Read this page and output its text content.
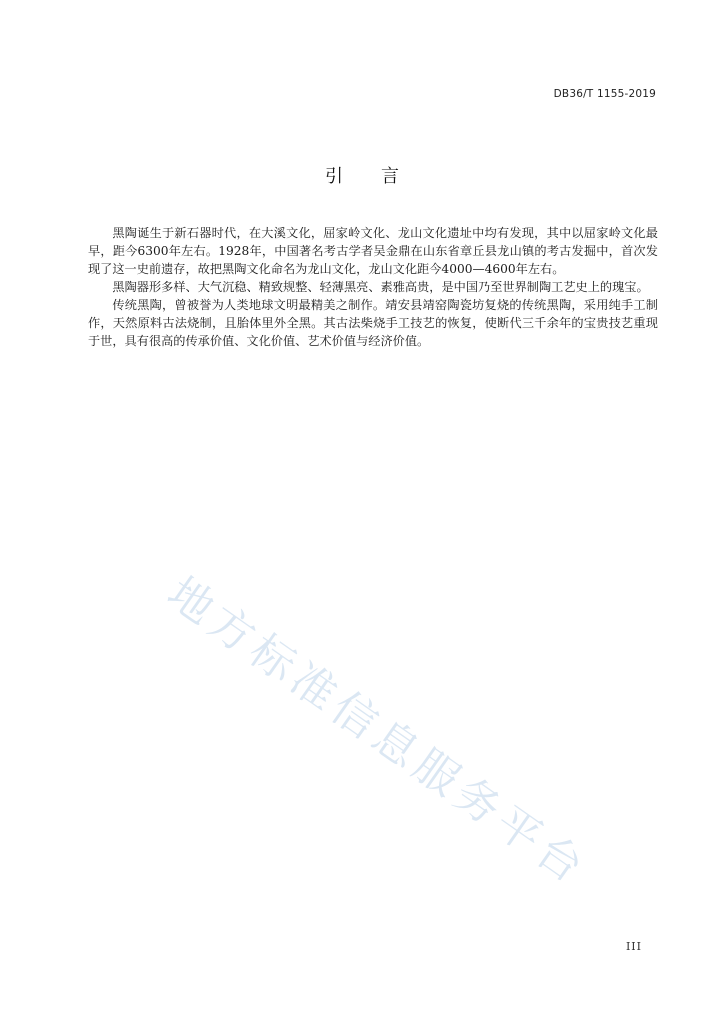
DB36/T 1155-2019
引言

黑陶诞生于新石器时代，在大溪文化，屈家岭文化、龙山文化遗址中均有发现，其中以屈家岭文化最早，距今6300年左右。1928年，中国著名考古学者吴金鼎在山东省章丘县龙山镇的考古发掘中，首次发现了这一史前遗存，故把黑陶文化命名为龙山文化，龙山文化距今4000—4600年左右。

黑陶器形多样、大气沉稳、精致规整、轻薄黑亮、素雅高贵，是中国乃至世界制陶工艺史上的瑰宝。

传统黑陶，曾被誉为人类地球文明最精美之制作。靖安县靖窑陶瓷坊复烧的传统黑陶，采用纯手工制作，天然原料古法烧制，且胎体里外全黑。其古法柴烧手工技艺的恢复，使断代三千余年的宝贵技艺重现于世，具有很高的传承价值、文化价值、艺术价值与经济价值。

地方标准信息服务平台
III
